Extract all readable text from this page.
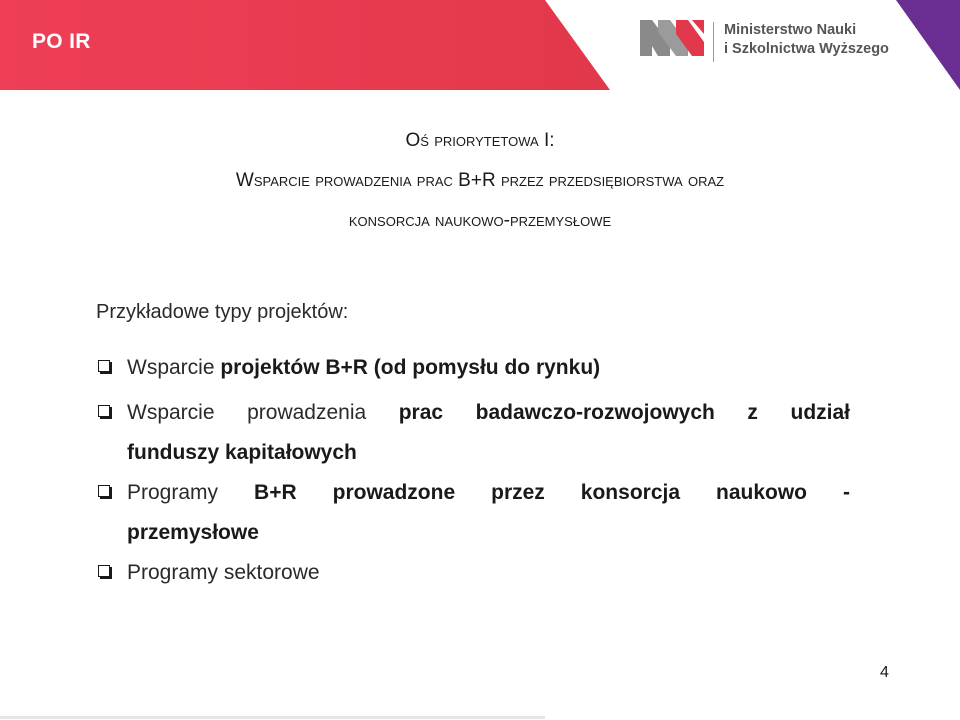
PO IR	Ministerstwo Nauki
i Szkolnictwa Wyższego
Oś priorytetowa I:
Wsparcie prowadzenia prac B+R przez przedsiębiorstwa oraz
konsorcja naukowo-przemysłowe

Przykładowe typy projektów:

Wsparcie projektów B+R (od pomysłu do rynku)
Wsparcie prowadzenia prac badawczo-rozwojowych z udział
funduszy kapitałowych
Programy B+R prowadzone przez konsorcja naukowo -
przemysłowe
Programy sektorowe
4
